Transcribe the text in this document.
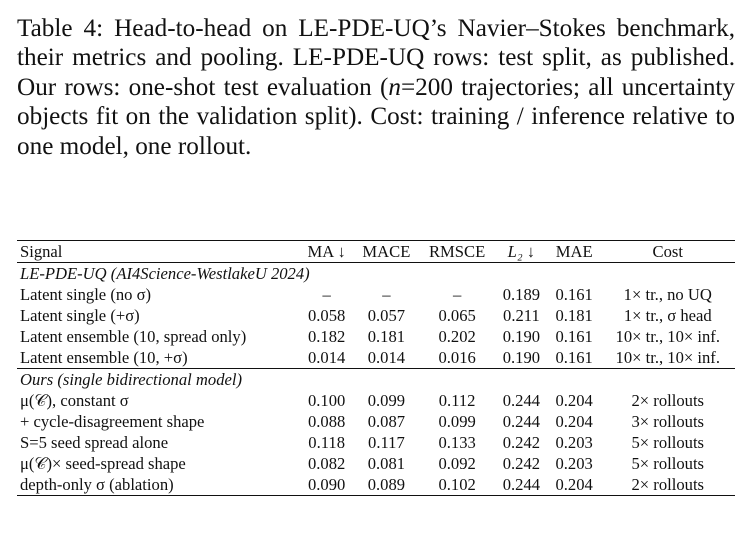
Table 4: Head-to-head on LE-PDE-UQ’s Navier–Stokes benchmark, their metrics and pooling. LE-PDE-UQ rows: test split, as published. Our rows: one-shot test evaluation (n=200 trajectories; all uncertainty objects fit on the validation split). Cost: training / inference relative to one model, one rollout.
Signal	MA ↓	MACE	RMSCE	L₂ ↓	MAE	Cost
LE-PDE-UQ (AI4Science-WestlakeU 2024)						
Latent single (no σ)	–	–	–	0.189	0.161	1× tr., no UQ
Latent single (+σ)	0.058	0.057	0.065	0.211	0.181	1× tr., σ head
Latent ensemble (10, spread only)	0.182	0.181	0.202	0.190	0.161	10× tr., 10× inf.
Latent ensemble (10, +σ)	0.014	0.014	0.016	0.190	0.161	10× tr., 10× inf.
Ours (single bidirectional model)						
μ(𝒞), constant σ	0.100	0.099	0.112	0.244	0.204	2× rollouts
+ cycle-disagreement shape	0.088	0.087	0.099	0.244	0.204	3× rollouts
S=5 seed spread alone	0.118	0.117	0.133	0.242	0.203	5× rollouts
μ(𝒞)× seed-spread shape	0.082	0.081	0.092	0.242	0.203	5× rollouts
depth-only σ (ablation)	0.090	0.089	0.102	0.244	0.204	2× rollouts
